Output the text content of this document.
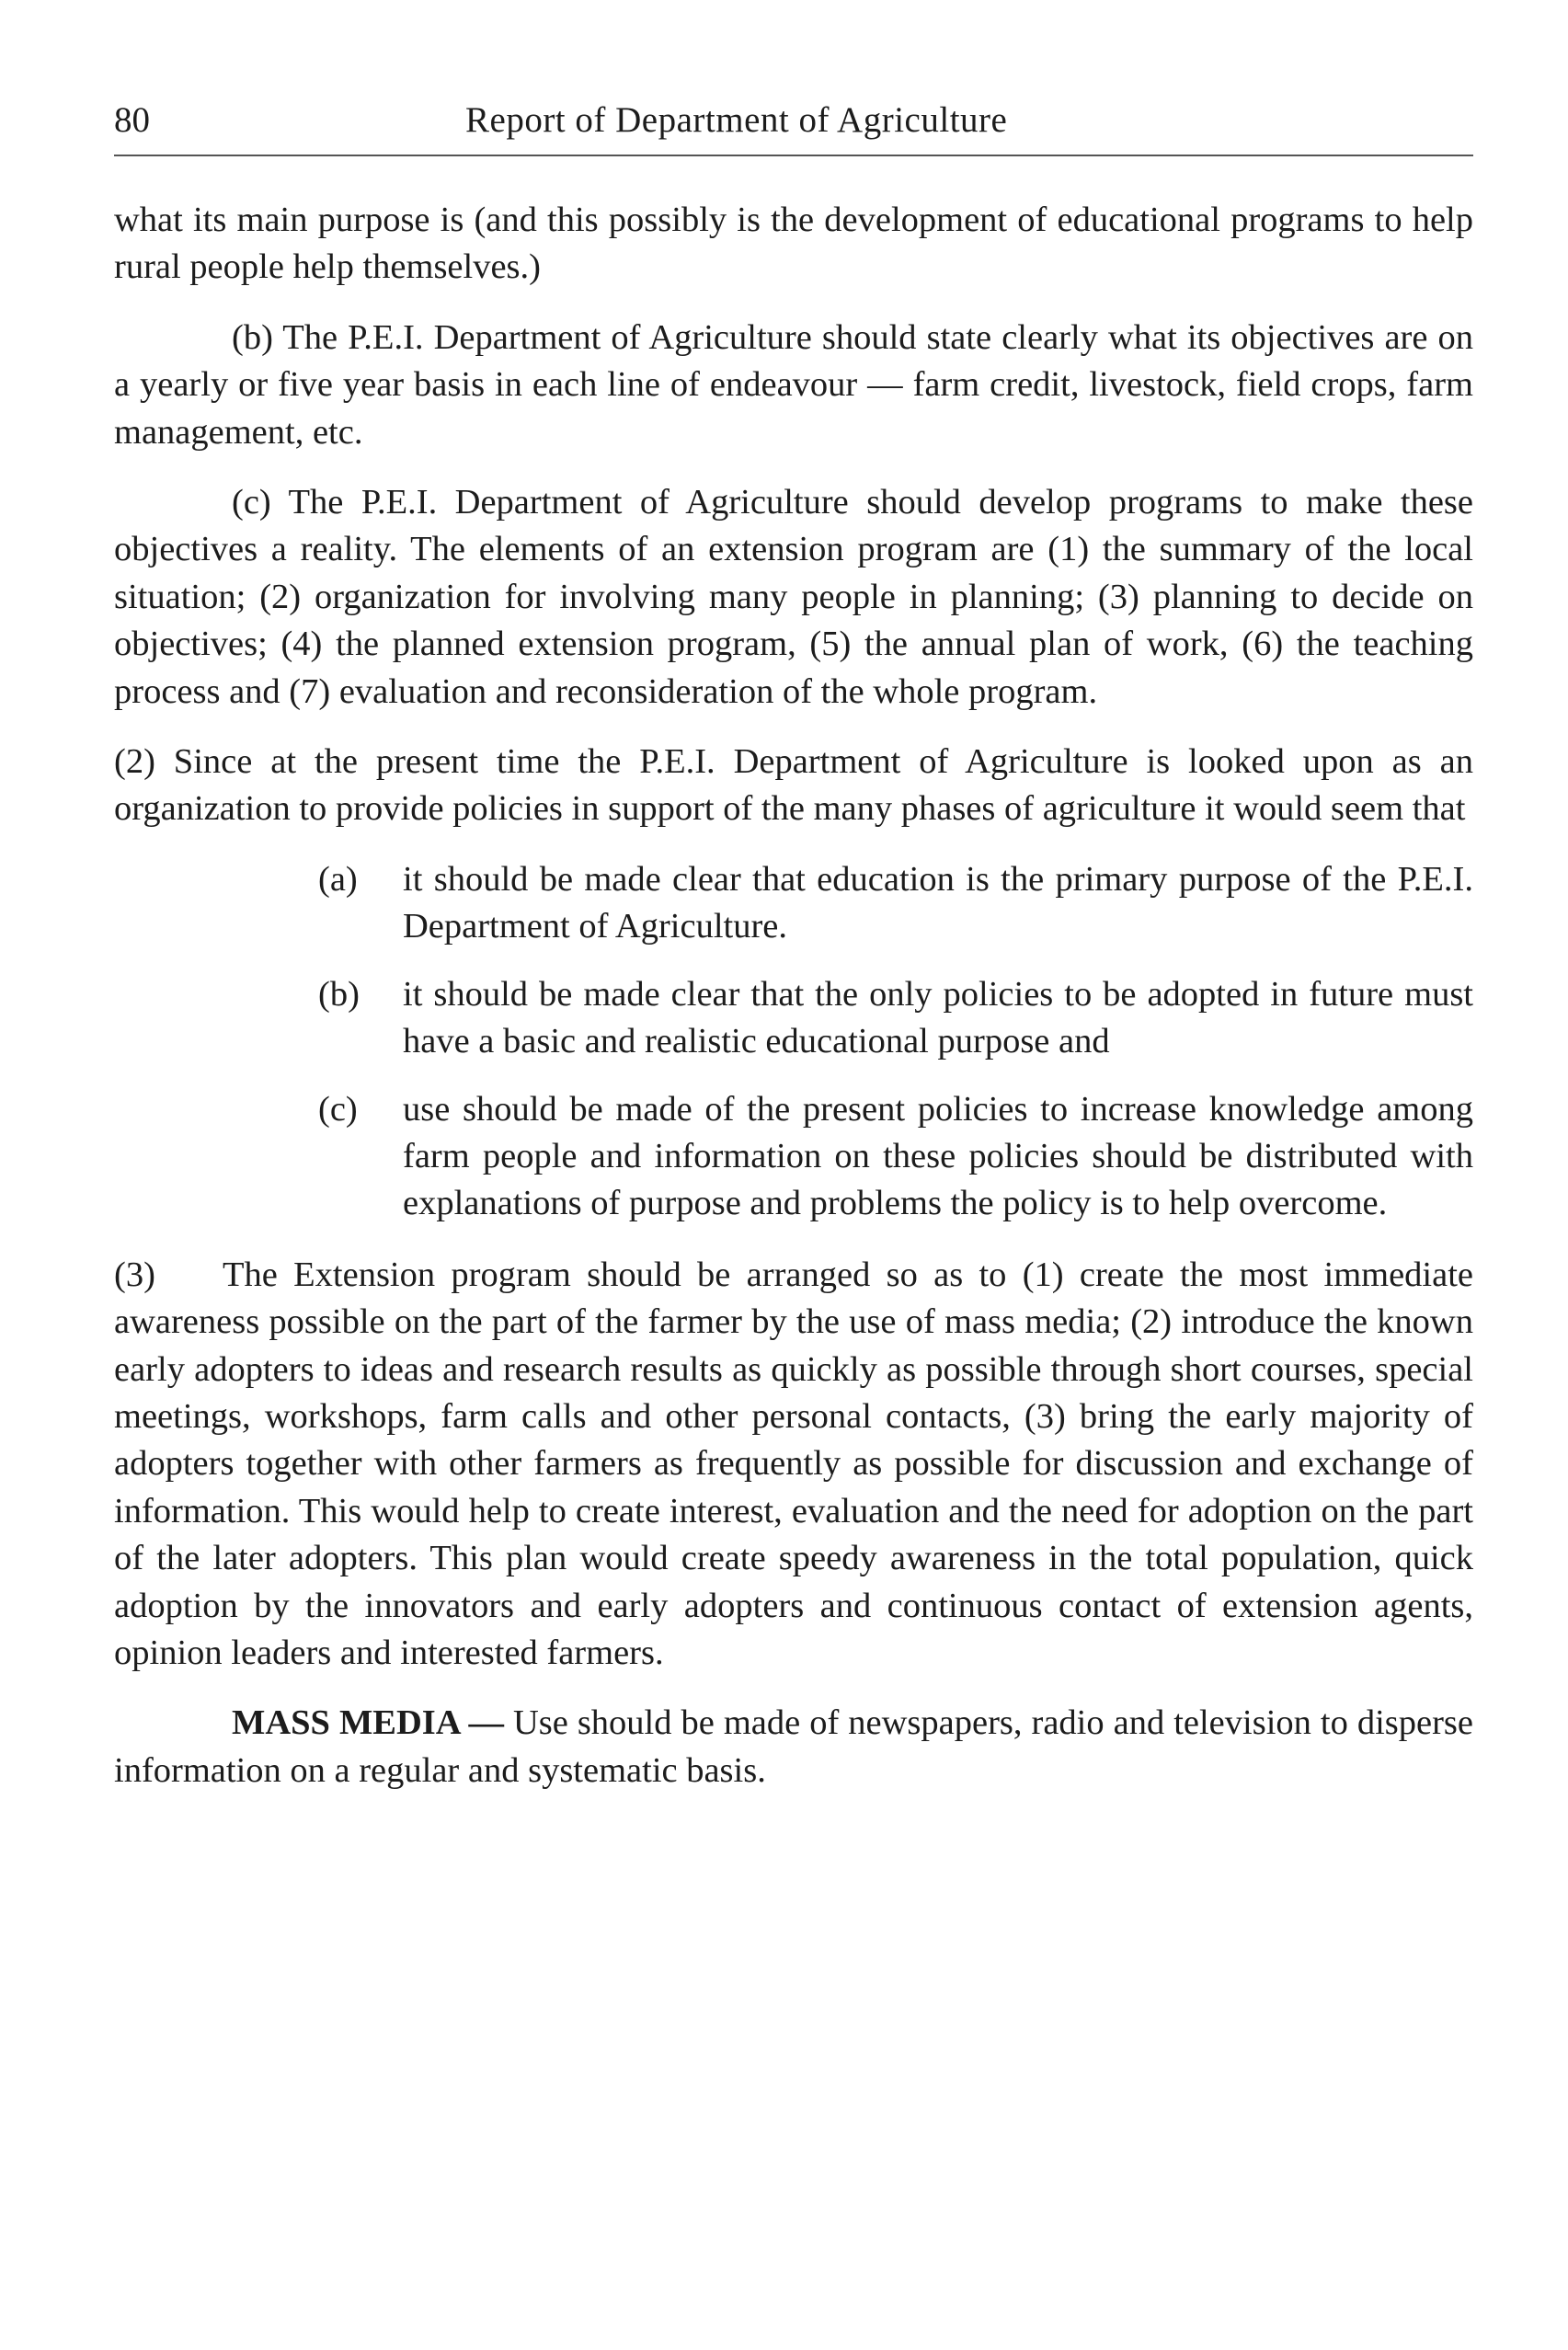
80	Report of Department of Agriculture

what its main purpose is (and this possibly is the development of educational programs to help rural people help themselves.)

(b) The P.E.I. Department of Agriculture should state clearly what its objectives are on a yearly or five year basis in each line of endeavour — farm credit, livestock, field crops, farm management, etc.

(c) The P.E.I. Department of Agriculture should develop programs to make these objectives a reality. The elements of an extension program are (1) the summary of the local situation; (2) organization for involving many people in planning; (3) planning to decide on objectives; (4) the planned extension program, (5) the annual plan of work, (6) the teaching process and (7) evaluation and reconsideration of the whole program.

(2) Since at the present time the P.E.I. Department of Agriculture is looked upon as an organization to provide policies in support of the many phases of agriculture it would seem that

(a) it should be made clear that education is the primary purpose of the P.E.I. Department of Agriculture.

(b) it should be made clear that the only policies to be adopted in future must have a basic and realistic educational purpose and

(c) use should be made of the present policies to increase knowledge among farm people and information on these policies should be distributed with explanations of purpose and problems the policy is to help overcome.

(3) The Extension program should be arranged so as to (1) create the most immediate awareness possible on the part of the farmer by the use of mass media; (2) introduce the known early adopters to ideas and research results as quickly as possible through short courses, special meetings, workshops, farm calls and other personal contacts, (3) bring the early majority of adopters together with other farmers as frequently as possible for discussion and exchange of information. This would help to create interest, evaluation and the need for adoption on the part of the later adopters. This plan would create speedy awareness in the total population, quick adoption by the innovators and early adopters and continuous contact of extension agents, opinion leaders and interested farmers.

MASS MEDIA — Use should be made of newspapers, radio and television to disperse information on a regular and systematic basis.
